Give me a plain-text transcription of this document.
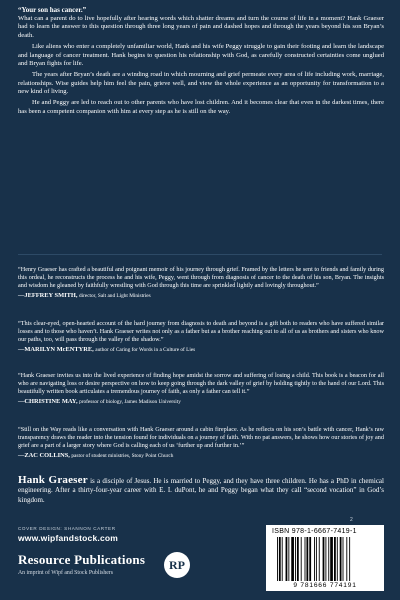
“Your son has cancer.”

What can a parent do to live hopefully after hearing words which shatter dreams and turn the course of life in a moment? Hank Graeser had to learn the answer to this question through three long years of pain and dashed hopes and through the years beyond his son Bryan’s death.

Like aliens who enter a completely unfamiliar world, Hank and his wife Peggy struggle to gain their footing and learn the landscape and language of cancer treatment. Hank begins to question his relationship with God, as carefully constructed certainties come unglued and Bryan fights for life.

The years after Bryan’s death are a winding road in which mourning and grief permeate every area of life including work, marriage, relationships. Wise guides help him feel the pain, grieve well, and view the whole experience as an opportunity for transformation to a new kind of living.

He and Peggy are led to reach out to other parents who have lost children. And it becomes clear that even in the darkest times, there has been a competent companion with him at every step as he is still on the way.

“Henry Graeser has crafted a beautiful and poignant memoir of his journey through grief. Framed by the letters he sent to friends and family during this ordeal, he reconstructs the process he and his wife, Peggy, went through from diagnosis of cancer to the death of his son, Bryan. The insights and wisdom he gleaned by faithfully wrestling with God through this time are sprinkled lightly and lovingly throughout.”

—JEFFREY SMITH, director, Salt and Light Ministries

“This clear-eyed, open-hearted account of the hard journey from diagnosis to death and beyond is a gift both to readers who have suffered similar losses and to those who haven’t. Hank Graeser writes not only as a father but as a brother reaching out to all of us as brothers and sisters who know our paths, too, will pass through the valley of the shadow.”

—MARILYN McENTYRE, author of Caring for Words in a Culture of Lies

“Hank Graeser invites us into the lived experience of finding hope amidst the sorrow and suffering of losing a child. This book is a beacon for all who are navigating loss or desire perspective on how to keep going through the dark valley of grief by holding tightly to the hand of our Lord. This beautifully written book articulates a tremendous journey of faith, as only a father can tell it.”

—CHRISTINE MAY, professor of biology, James Madison University

“Still on the Way reads like a conversation with Hank Graeser around a cabin fireplace. As he reflects on his son’s battle with cancer, Hank’s raw transparency draws the reader into the tension found for individuals on a journey of faith. With no pat answers, he shows how our stories of joy and grief are a part of a larger story where God is calling each of us ‘further up and further in.’”

—ZAC COLLINS, pastor of student ministries, Stony Point Church

Hank Graeser is a disciple of Jesus. He is married to Peggy, and they have three children. He has a PhD in chemical engineering. After a thirty-four-year career with E. I. duPont, he and Peggy began what they call “second vocation” in God’s kingdom.
2
COVER DESIGN: SHANNON CARTER
www.wipfandstock.com
Resource Publications
An imprint of Wipf and Stock Publishers
RP
ISBN 978-1-6667-7419-1
9 781666 774191
